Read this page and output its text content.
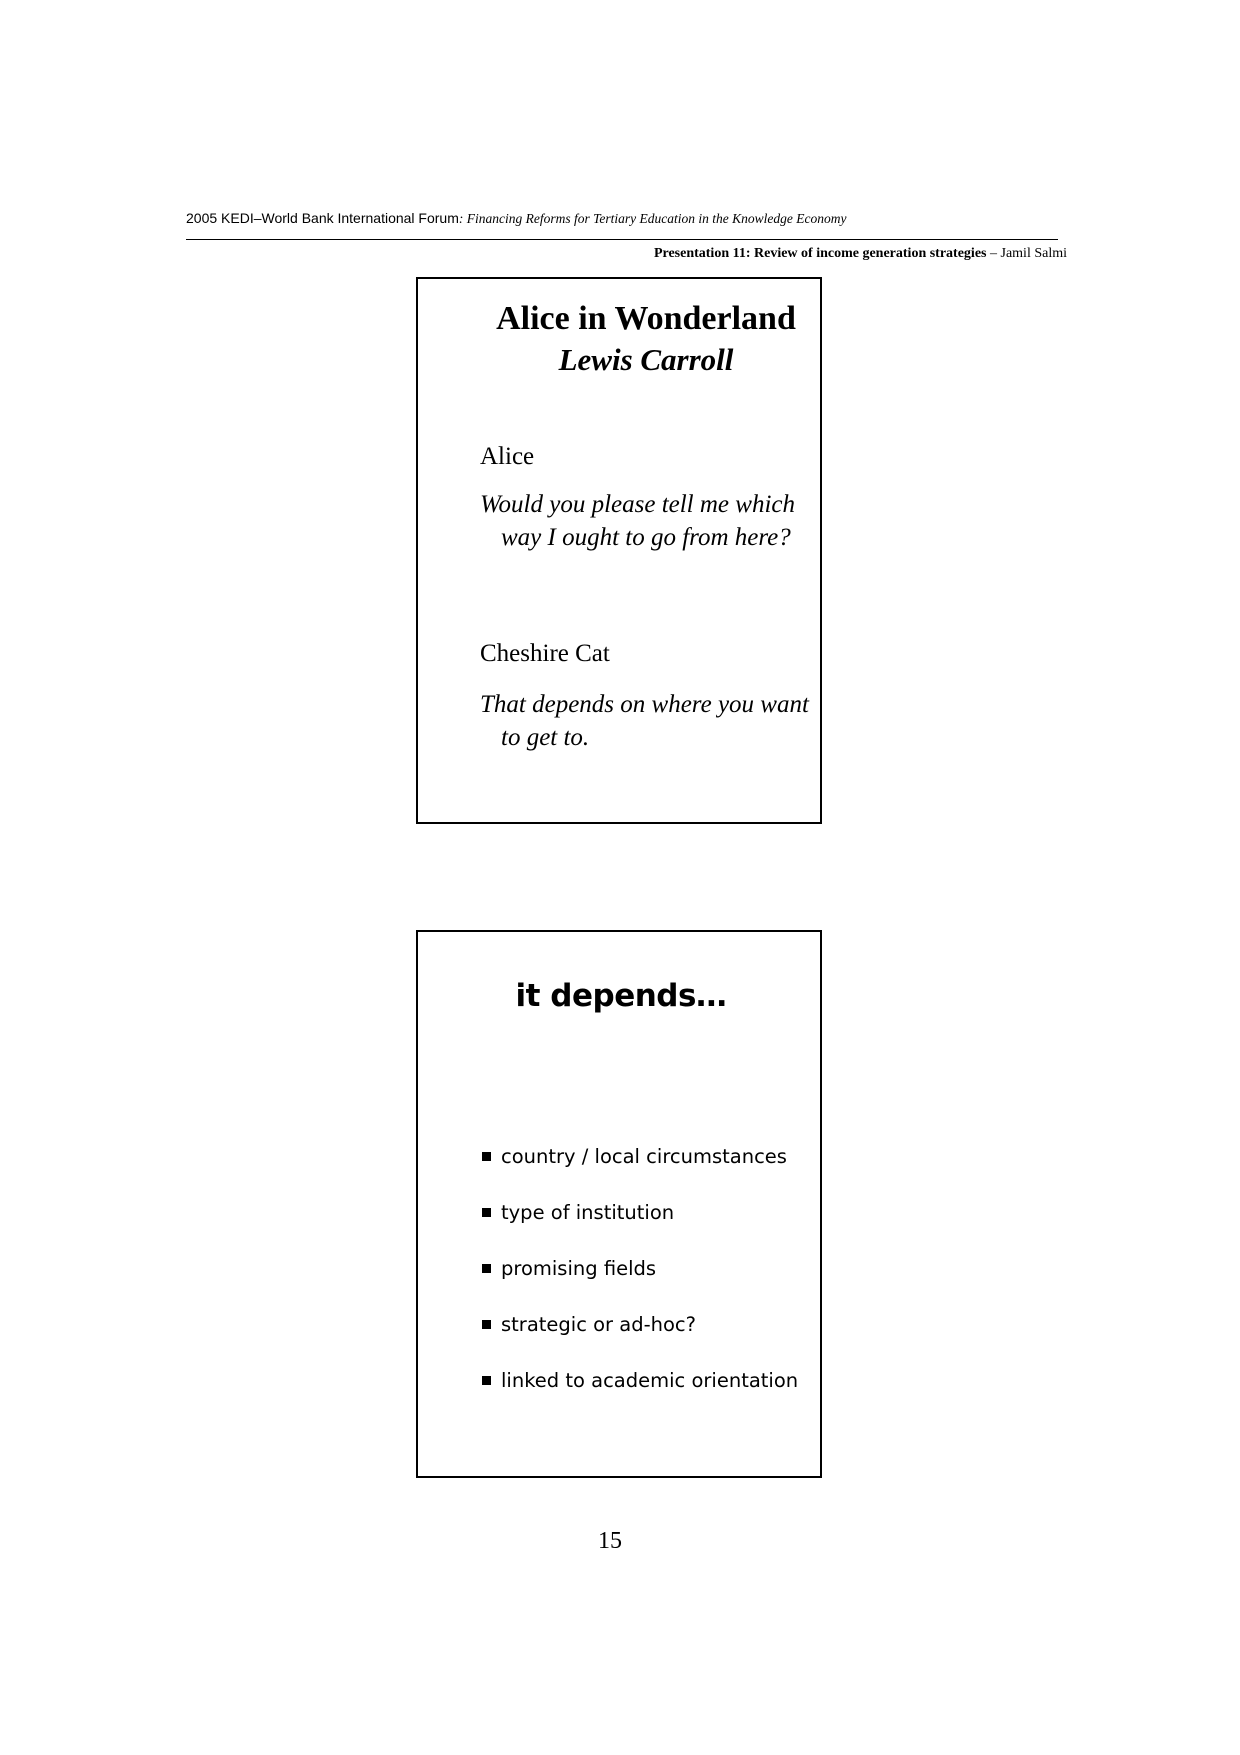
2005 KEDI–World Bank International Forum: Financing Reforms for Tertiary Education in the Knowledge Economy
Presentation 11: Review of income generation strategies – Jamil Salmi
Alice in Wonderland
Lewis Carroll
Alice
Would you please tell me which way I ought to go from here?
Cheshire Cat
That depends on where you want to get to.
it depends…
country / local circumstances
type of institution
promising fields
strategic or ad-hoc?
linked to academic orientation
15
